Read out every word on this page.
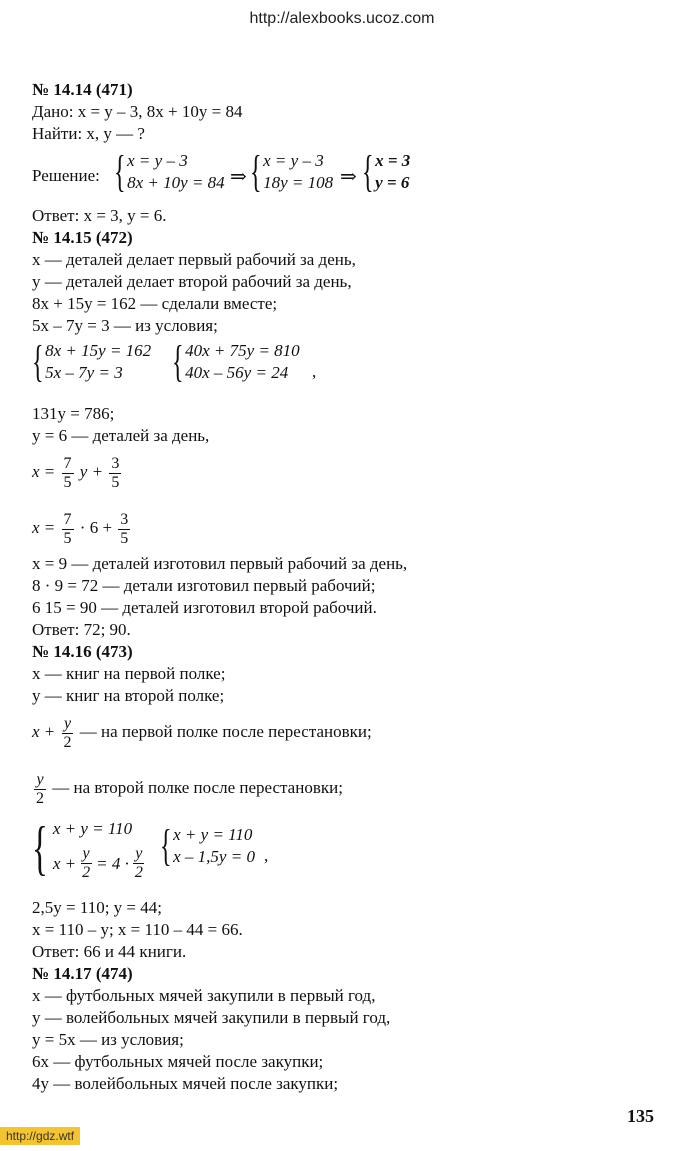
http://alexbooks.ucoz.com
№ 14.14 (471)
Дано: x = y – 3, 8x + 10y = 84
Найти: x, y — ?
Решение: { x = y – 3
8x + 10y = 84 ⇒ { x = y – 3
18y = 108 ⇒ { x = 3
y = 6
Ответ: x = 3, y = 6.
№ 14.15 (472)
x — деталей делает первый рабочий за день,
y — деталей делает второй рабочий за день,
8x + 15y = 162 — сделали вместе;
5x – 7y = 3 — из условия;
{ 8x + 15y = 162
5x – 7y = 3	{ 40x + 75y = 810
40x – 56y = 24	,
131y = 786;
y = 6 — деталей за день,
$x = \frac{7}{5}$ $y + \frac{3}{5}$
$x = \frac{7}{5} \cdot 6 + \frac{3}{5}$
x = 9 — деталей изготовил первый рабочий за день,
8 · 9 = 72 — детали изготовил первый рабочий;
6 15 = 90 — деталей изготовил второй рабочий.
Ответ: 72; 90.
№ 14.16 (473)
x — книг на первой полке;
y — книг на второй полке;
$x + \frac{y}{2}$ — на первой полке после перестановки;
$\frac{y}{2}$ — на второй полке после перестановки;
{ x + y = 110
$x + \frac{y}{2} = 4 \cdot \frac{y}{2}$ { x + y = 110
x – 1,5y = 0 ,
2,5y = 110; y = 44;
x = 110 – y; x = 110 – 44 = 66.
Ответ: 66 и 44 книги.
№ 14.17 (474)
x — футбольных мячей закупили в первый год,
y — волейбольных мячей закупили в первый год,
y = 5x — из условия;
6x — футбольных мячей после закупки;
4y — волейбольных мячей после закупки;
135
http://gdz.wtf
